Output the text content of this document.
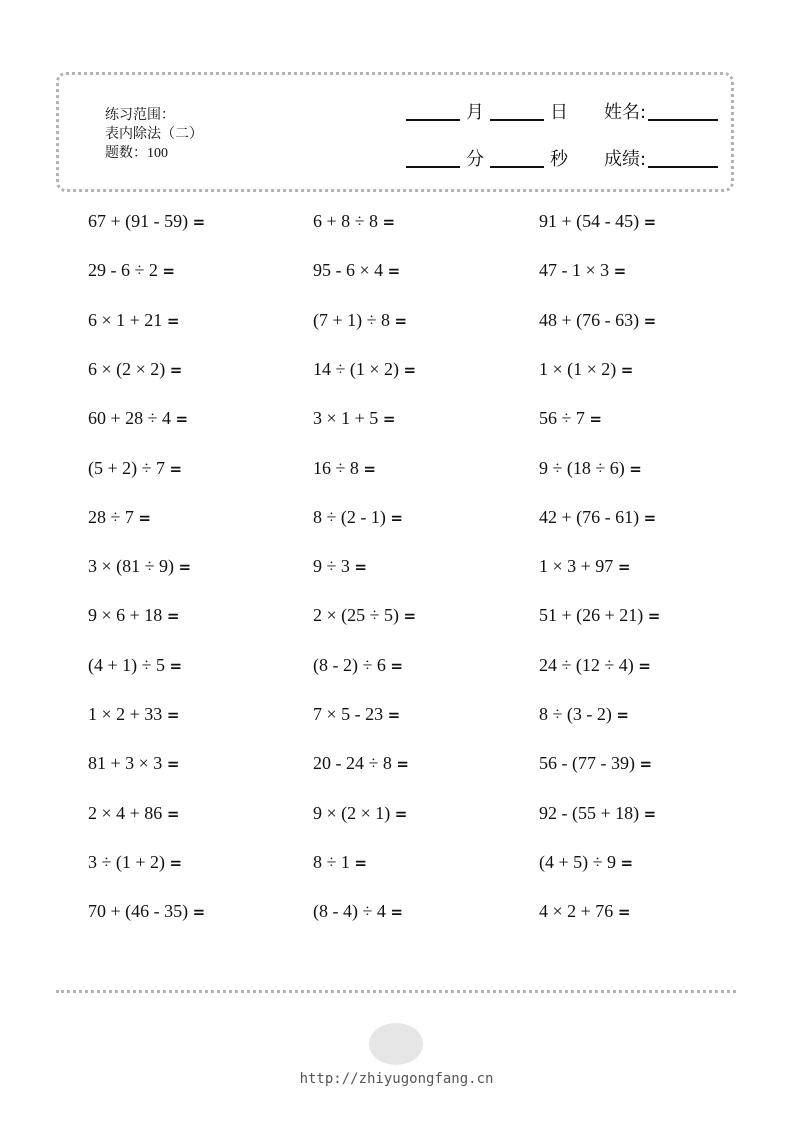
练习范围：
表内除法（二）
题数：100
月	日	姓名:
分	秒	成绩:
67 + (91 - 59) =	6 + 8 ÷ 8 =	91 + (54 - 45) =
29 - 6 ÷ 2 =	95 - 6 × 4 =	47 - 1 × 3 =
6 × 1 + 21 =	(7 + 1) ÷ 8 =	48 + (76 - 63) =
6 × (2 × 2) =	14 ÷ (1 × 2) =	1 × (1 × 2) =
60 + 28 ÷ 4 =	3 × 1 + 5 =	56 ÷ 7 =
(5 + 2) ÷ 7 =	16 ÷ 8 =	9 ÷ (18 ÷ 6) =
28 ÷ 7 =	8 ÷ (2 - 1) =	42 + (76 - 61) =
3 × (81 ÷ 9) =	9 ÷ 3 =	1 × 3 + 97 =
9 × 6 + 18 =	2 × (25 ÷ 5) =	51 + (26 + 21) =
(4 + 1) ÷ 5 =	(8 - 2) ÷ 6 =	24 ÷ (12 ÷ 4) =
1 × 2 + 33 =	7 × 5 - 23 =	8 ÷ (3 - 2) =
81 + 3 × 3 =	20 - 24 ÷ 8 =	56 - (77 - 39) =
2 × 4 + 86 =	9 × (2 × 1) =	92 - (55 + 18) =
3 ÷ (1 + 2) =	8 ÷ 1 =	(4 + 5) ÷ 9 =
70 + (46 - 35) =	(8 - 4) ÷ 4 =	4 × 2 + 76 =
http://zhiyugongfang.cn
